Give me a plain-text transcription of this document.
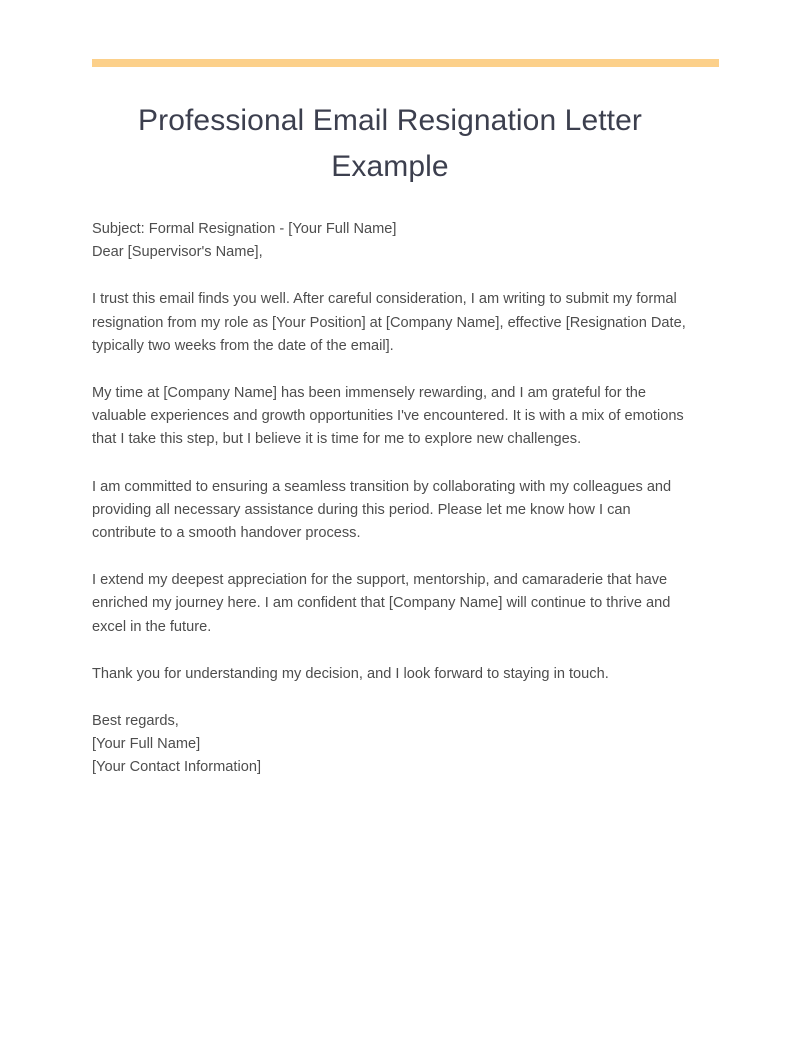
Professional Email Resignation Letter Example
Subject: Formal Resignation - [Your Full Name]
Dear [Supervisor's Name],

I trust this email finds you well. After careful consideration, I am writing to submit my formal resignation from my role as [Your Position] at [Company Name], effective [Resignation Date, typically two weeks from the date of the email].

My time at [Company Name] has been immensely rewarding, and I am grateful for the valuable experiences and growth opportunities I've encountered. It is with a mix of emotions that I take this step, but I believe it is time for me to explore new challenges.

I am committed to ensuring a seamless transition by collaborating with my colleagues and providing all necessary assistance during this period. Please let me know how I can contribute to a smooth handover process.

I extend my deepest appreciation for the support, mentorship, and camaraderie that have enriched my journey here. I am confident that [Company Name] will continue to thrive and excel in the future.

Thank you for understanding my decision, and I look forward to staying in touch.

Best regards,
[Your Full Name]
[Your Contact Information]
